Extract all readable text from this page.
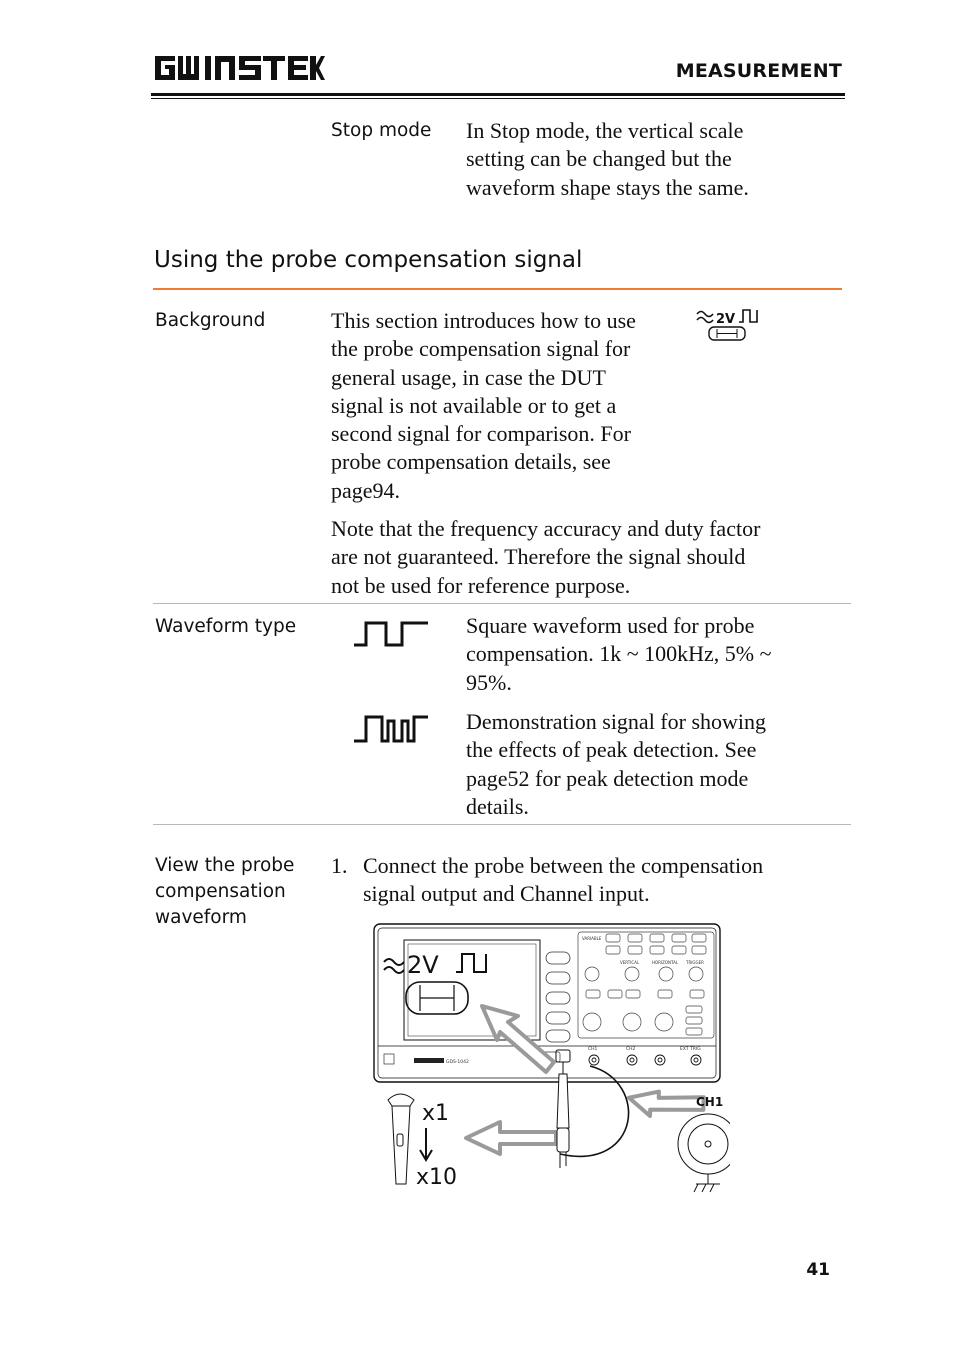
GW INSTEK
MEASUREMENT
Stop mode In Stop mode, the vertical scale
setting can be changed but the
waveform shape stays the same.
Using the probe compensation signal
Background	This section introduces how to use
the probe compensation signal for
general usage, in case the DUT
signal is not available or to get a
second signal for comparison. For
probe compensation details, see
page94.
2V
Note that the frequency accuracy and duty factor
are not guaranteed. Therefore the signal should
not be used for reference purpose.
Waveform type	Square waveform used for probe
compensation. 1k ~ 100kHz, 5% ~
95%.
Demonstration signal for showing
the effects of peak detection. See
page52 for peak detection mode
details.
View the probe
compensation
waveform
1. Connect the probe between the compensation
signal output and Channel input.
2V
VARIABLE
VERTICAL	HORIZONTAL TRIGGER
GDS-1042
CH1	CH2	EXT TRIG
x1
x10
CH1
41
